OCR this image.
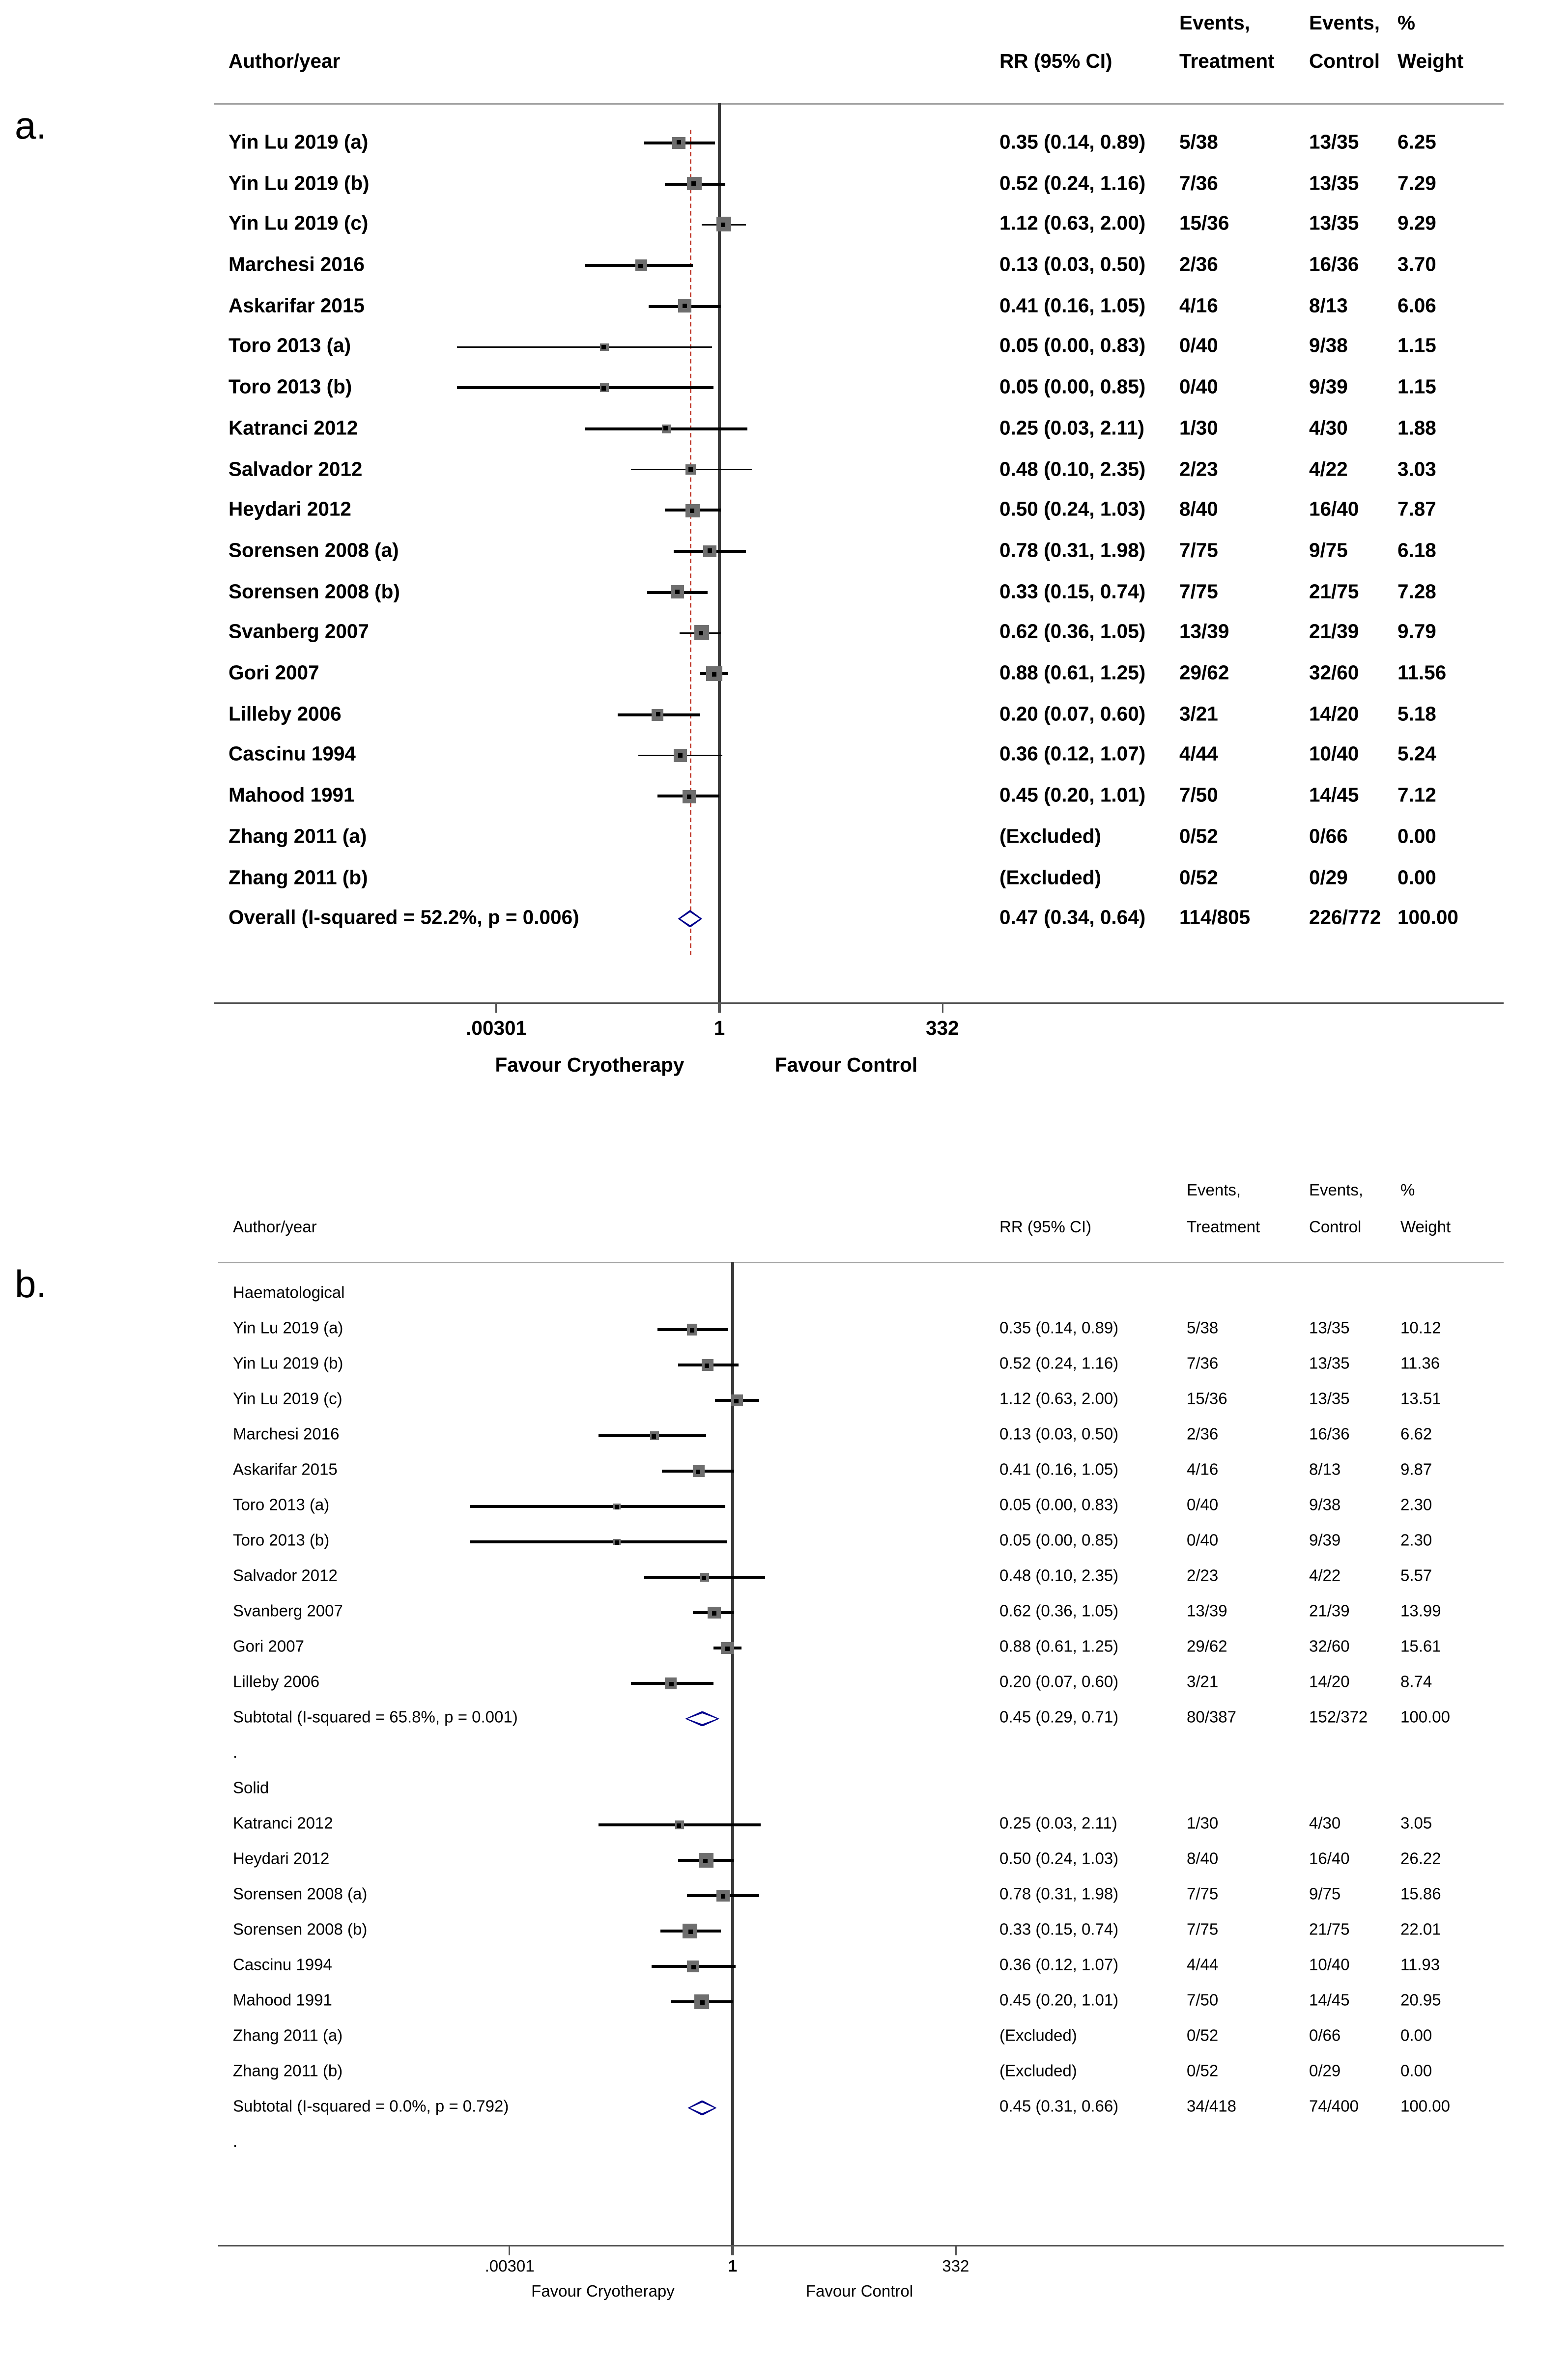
a.
b.
Events,	Events,	%
Author/year	RR (95% CI)	Treatment	Control	Weight
Yin Lu 2019 (a)	0.35 (0.14, 0.89)	5/38	13/35	6.25
Yin Lu 2019 (b)	0.52 (0.24, 1.16)	7/36	13/35	7.29
Yin Lu 2019 (c)	1.12 (0.63, 2.00)	15/36	13/35	9.29
Marchesi 2016	0.13 (0.03, 0.50)	2/36	16/36	3.70
Askarifar 2015	0.41 (0.16, 1.05)	4/16	8/13	6.06
Toro 2013 (a)	0.05 (0.00, 0.83)	0/40	9/38	1.15
Toro 2013 (b)	0.05 (0.00, 0.85)	0/40	9/39	1.15
Katranci 2012	0.25 (0.03, 2.11)	1/30	4/30	1.88
Salvador 2012	0.48 (0.10, 2.35)	2/23	4/22	3.03
Heydari 2012	0.50 (0.24, 1.03)	8/40	16/40	7.87
Sorensen 2008 (a)	0.78 (0.31, 1.98)	7/75	9/75	6.18
Sorensen 2008 (b)	0.33 (0.15, 0.74)	7/75	21/75	7.28
Svanberg 2007	0.62 (0.36, 1.05)	13/39	21/39	9.79
Gori 2007	0.88 (0.61, 1.25)	29/62	32/60	11.56
Lilleby 2006	0.20 (0.07, 0.60)	3/21	14/20	5.18
Cascinu 1994	0.36 (0.12, 1.07)	4/44	10/40	5.24
Mahood 1991	0.45 (0.20, 1.01)	7/50	14/45	7.12
Zhang 2011 (a)	(Excluded)	0/52	0/66	0.00
Zhang 2011 (b)	(Excluded)	0/52	0/29	0.00
Overall (I-squared = 52.2%, p = 0.006)	0.47 (0.34, 0.64)	114/805	226/772 100.00
.00301	1	332
Favour Cryotherapy	Favour Control
Events,	Events,	%
Author/year	RR (95% CI)	Treatment	Control	Weight
Haematological
Yin Lu 2019 (a)	0.35 (0.14, 0.89)	5/38	13/35	10.12
Yin Lu 2019 (b)	0.52 (0.24, 1.16)	7/36	13/35	11.36
Yin Lu 2019 (c)	1.12 (0.63, 2.00)	15/36	13/35	13.51
Marchesi 2016	0.13 (0.03, 0.50)	2/36	16/36	6.62
Askarifar 2015	0.41 (0.16, 1.05)	4/16	8/13	9.87
Toro 2013 (a)	0.05 (0.00, 0.83)	0/40	9/38	2.30
Toro 2013 (b)	0.05 (0.00, 0.85)	0/40	9/39	2.30
Salvador 2012	0.48 (0.10, 2.35)	2/23	4/22	5.57
Svanberg 2007	0.62 (0.36, 1.05)	13/39	21/39	13.99
Gori 2007	0.88 (0.61, 1.25)	29/62	32/60	15.61
Lilleby 2006	0.20 (0.07, 0.60)	3/21	14/20	8.74
Subtotal (I-squared = 65.8%, p = 0.001)	0.45 (0.29, 0.71)	80/387	152/372	100.00
.
Solid
Katranci 2012	0.25 (0.03, 2.11)	1/30	4/30	3.05
Heydari 2012	0.50 (0.24, 1.03)	8/40	16/40	26.22
Sorensen 2008 (a)	0.78 (0.31, 1.98)	7/75	9/75	15.86
Sorensen 2008 (b)	0.33 (0.15, 0.74)	7/75	21/75	22.01
Cascinu 1994	0.36 (0.12, 1.07)	4/44	10/40	11.93
Mahood 1991	0.45 (0.20, 1.01)	7/50	14/45	20.95
Zhang 2011 (a)	(Excluded)	0/52	0/66	0.00
Zhang 2011 (b)	(Excluded)	0/52	0/29	0.00
Subtotal (I-squared = 0.0%, p = 0.792)	0.45 (0.31, 0.66)	34/418	74/400	100.00
.
.00301	1	332
Favour Cryotherapy	Favour Control
